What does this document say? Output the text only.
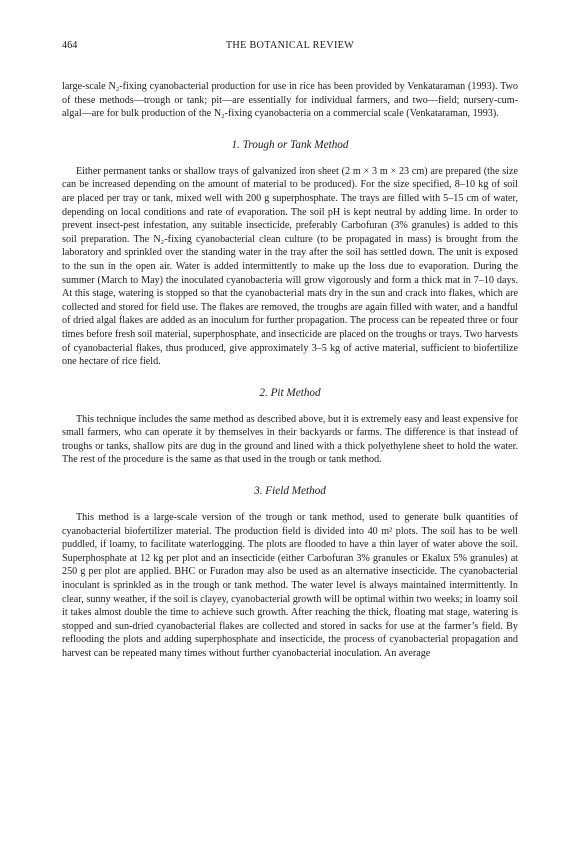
464	THE BOTANICAL REVIEW

large-scale N₂-fixing cyanobacterial production for use in rice has been provided by Venkataraman (1993). Two of these methods—trough or tank; pit—are essentially for individual farmers, and two—field; nursery-cum-algal—are for bulk production of the N₂-fixing cyanobacteria on a commercial scale (Venkataraman, 1993).

1. Trough or Tank Method

Either permanent tanks or shallow trays of galvanized iron sheet (2 m × 3 m × 23 cm) are prepared (the size can be increased depending on the amount of material to be produced). For the size specified, 8–10 kg of soil are placed per tray or tank, mixed well with 200 g superphosphate. The trays are filled with 5–15 cm of water, depending on local conditions and rate of evaporation. The soil pH is kept neutral by adding lime. In order to prevent insect-pest infestation, any suitable insecticide, preferably Carbofuran (3% granules) is added to this soil preparation. The N₂-fixing cyanobacterial clean culture (to be propagated in mass) is brought from the laboratory and sprinkled over the standing water in the tray after the soil has settled down. The unit is exposed to the sun in the open air. Water is added intermittently to make up the loss due to evaporation. During the summer (March to May) the inoculated cyanobacteria will grow vigorously and form a thick mat in 7–10 days. At this stage, watering is stopped so that the cyanobacterial mats dry in the sun and crack into flakes, which are collected and stored for field use. The flakes are removed, the troughs are again filled with water, and a handful of dried algal flakes are added as an inoculum for further propagation. The process can be repeated three or four times before fresh soil material, superphosphate, and insecticide are placed on the troughs or trays. Two harvests of cyanobacterial flakes, thus produced, give approximately 3–5 kg of active material, sufficient to biofertilize one hectare of rice field.

2. Pit Method

This technique includes the same method as described above, but it is extremely easy and least expensive for small farmers, who can operate it by themselves in their backyards or farms. The difference is that instead of troughs or tanks, shallow pits are dug in the ground and lined with a thick polyethylene sheet to hold the water. The rest of the procedure is the same as that used in the trough or tank method.

3. Field Method

This method is a large-scale version of the trough or tank method, used to generate bulk quantities of cyanobacterial biofertilizer material. The production field is divided into 40 m² plots. The soil has to be well puddled, if loamy, to facilitate waterlogging. The plots are flooded to have a thin layer of water above the soil. Superphosphate at 12 kg per plot and an insecticide (either Carbofuran 3% granules or Ekalux 5% granules) at 250 g per plot are applied. BHC or Furadon may also be used as an alternative insecticide. The cyanobacterial inoculant is sprinkled as in the trough or tank method. The water level is always maintained intermittently. In clear, sunny weather, if the soil is clayey, cyanobacterial growth will be optimal within two weeks; in loamy soil it takes almost double the time to achieve such growth. After reaching the thick, floating mat stage, watering is stopped and sun-dried cyanobacterial flakes are collected and stored in sacks for use at the farmer’s field. By reflooding the plots and adding superphosphate and insecticide, the process of cyanobacterial propagation and harvest can be repeated many times without further cyanobacterial inoculation. An average
